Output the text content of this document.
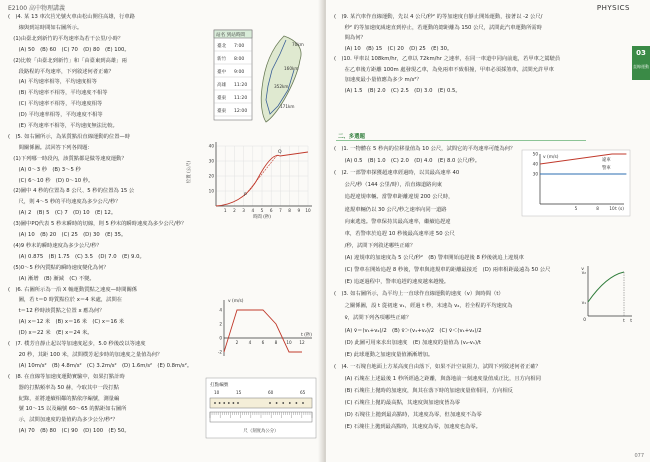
E2100 高中物理講義
(　)4. 某 13 車次莒光號火車由松山開往高雄，行車路
　　線與到站時間如右圖所示。
　(1)由臺北到新竹的平均速率為若干公里/小時？
　　(A) 50　(B) 60　(C) 70　(D) 80　(E) 100。
　(2)比較「由臺北到新竹」和「由臺東到高雄」兩
　　段路程的平均速率，下列敘述何者正確？
　　(A) 平均速率相等，平均速度相等
　　(B) 平均速率不相等，平均速度不相等
　　(C) 平均速率不相等，平均速度相等
　　(D) 平均速率相等，平均速度不相等
　　(E) 平均速率不相等，平均速度無法比較。
(　)5. 如右圖所示，為某質點沿直線運動的位置—時
　　間關係圖。試回答下列各問題：
　(1)下列哪一時段內，該質點都是做等速度運動？
　　(A) 0～3 秒　(B) 3～5 秒
　　(C) 6～10 秒　(D) 0～10 秒。
　(2)圖中 4 秒的位置為 8 公尺、5 秒的位置為 15 公
　　尺，則 4～5 秒的平均速度為多少公尺/秒？
　　(A) 2　(B) 5　(C) 7　(D) 10　(E) 12。
　(3)圖中PQ代表 5 秒末瞬時的切線，則 5 秒末的瞬時速度為多少公尺/秒？
　　(A) 10　(B) 20　(C) 25　(D) 30　(E) 35。
　(4)9 秒末的瞬時速度為多少公尺/秒？
　　(A) 0.875　(B) 1.75　(C) 3.5　(D) 7.0　(E) 9.0。
　(5)0～5 秒內質點的瞬時速度變化為何？
　　(A) 漸增　(B) 漸減　(C) 不變。
(　)6. 右圖所示為一沿 X 軸運動質點之速度—時間關係
　　圖，若 t＝0 時質點位於 x＝4 米處，試問在
　　t＝12 秒時該質點之位置 x 應為何？
　　(A) x＝12 米　(B) x＝16 米　(C) x＝16 米
　　(D) x＝22 米　(E) x＝24 米。
(　)7. 樸芳自靜止起以等加速度起步，5.0 秒後改以等速度
　　20 秒，其距 100 米，試問樸芳起步時的加速度之量值為何？
　　(A) 10m/s²　(B) 4.8m/s²　(C) 3.2m/s²　(D) 1.6m/s²　(E) 0.8m/s²。
(　)8. 在直線等加速度運動實驗中，如果打點計時
　　器的打點頻率為 50 赫，今取其中一段打點
　　紀錄，並將連續相鄰的點依序編號，測量編
　　號 10～15 以及編號 60～65 的點距如右圖所
　　示，試問加速度的量值約為多少公分/秒²？
　　(A) 70　(B) 80　(C) 90　(D) 100　(E) 50。
站名 到站時間
臺北 7:00
新竹 8:00
臺中 9:00
高雄 11:20
臺東 11:20
臺東 12:00
70km
160km
352km
171km
10
20
30
40
1 2 3 4 5 6 7 8 9 10
位置 (公尺)
時間 (秒)
P
Q
v (m/s)
t (秒)
4
2
0
-2
2 4 6 8 10 12
打點編號
10	15	60	65
尺（刻度為公分）
PHYSICS
03
直線運動
(　)9. 某汽車作直線運動，先以 4 公尺/秒² 的等加速度自靜止開始運動，接著以 -2 公尺/
　　秒² 的等加速度減速直到停止，若運動的總距離為 150 公尺，試問此汽車運動所需時
　　間為何？
　　(A) 10　(B) 15　(C) 20　(D) 25　(E) 30。
(　)10. 甲車以 108km/hr，乙車以 72km/hr 之速率，在同一車道中同向前進，若甲車之駕駛員
　　在乙車後方距離 100m 處發現乙車，為免兩車不致相撞，甲車必須採煞車，試問允許甲車
　　加速度最小量值應為多少 m/s²？
　　(A) 1.5　(B) 2.0　(C) 2.5　(D) 3.0　(E) 0.5。
二、多選題
(　)1. 一物體在 5 秒內的位移量值為 10 公尺，試問它的平均速率可能為何？
　　(A) 0.5　(B) 1.0　(C) 2.0　(D) 4.0　(E) 8.0 公尺/秒。
(　)2. 一部警車探獲超速車經過時，以其最高速率 40
　　公尺/秒（144 公里/時），沿直線道路向東
　　追趕違規車輛。當警車距離違規 200 公尺時，
　　違規車輛仍以 30 公尺/秒之速率向同一道路
　　向東逃逸。警車保持其最高速率，繼續追趕違
　　車，若警車於追趕 10 秒後最高速率達 50 公尺
　　/秒，試問下列敘述哪些正確？
　　(A) 違規車的加速度為 5 公尺/秒²　(B) 警車開始追趕後 8 秒後就追上違規車
　　(C) 警車在開始追趕 8 秒後，警車與違規車的距離最接近　(D) 兩車相距最遠為 50 公尺
　　(E) 追逐過程中，警車追趕的速度越來越慢。
(　)3. 如右圖所示，為平均上一直球作直線運動的速度（v）與時間（t）
　　之關係圖，設 t 從初速 v₁，經過 t 秒，末速為 v₂，若全程的平均速度為
　　v̄，試問下列各項哪些正確？
　　(A) v̄＝(v₁+v₂)/2　(B) v̄＞(v₁+v₂)/2　(C) v̄＜(v₁+v₂)/2
　　(D) 此圖可用來求出加速度　(E) 加速度的量值為 (v₂-v₁)/t
　　(E) 此球運動之加速度量值漸漸增加。
(　)4. 一石塊自地面上方某高度自由落下，如果不計空氣阻力，試問下列敘述何者正確？
　　(A) 石塊在上述最後 1 秒所經過之距離，與落地前一刻速度量值成正比，且方向相同
　　(B) 石塊往上拋時的加速度，與其在落下時的加速度量值相同，方向相反
　　(C) 石塊往上拋的最高點，其速度與加速度皆為零
　　(D) 石塊往上拋到最高點時，其速度為零，但加速度不為零
　　(E) 石塊往上拋到最高點時，其速度為零，加速度也為零。
v (m/s)
t (s)
50
40
30
5	8 10
違車
警車
v
t
v₂
v₁
0	t
077
